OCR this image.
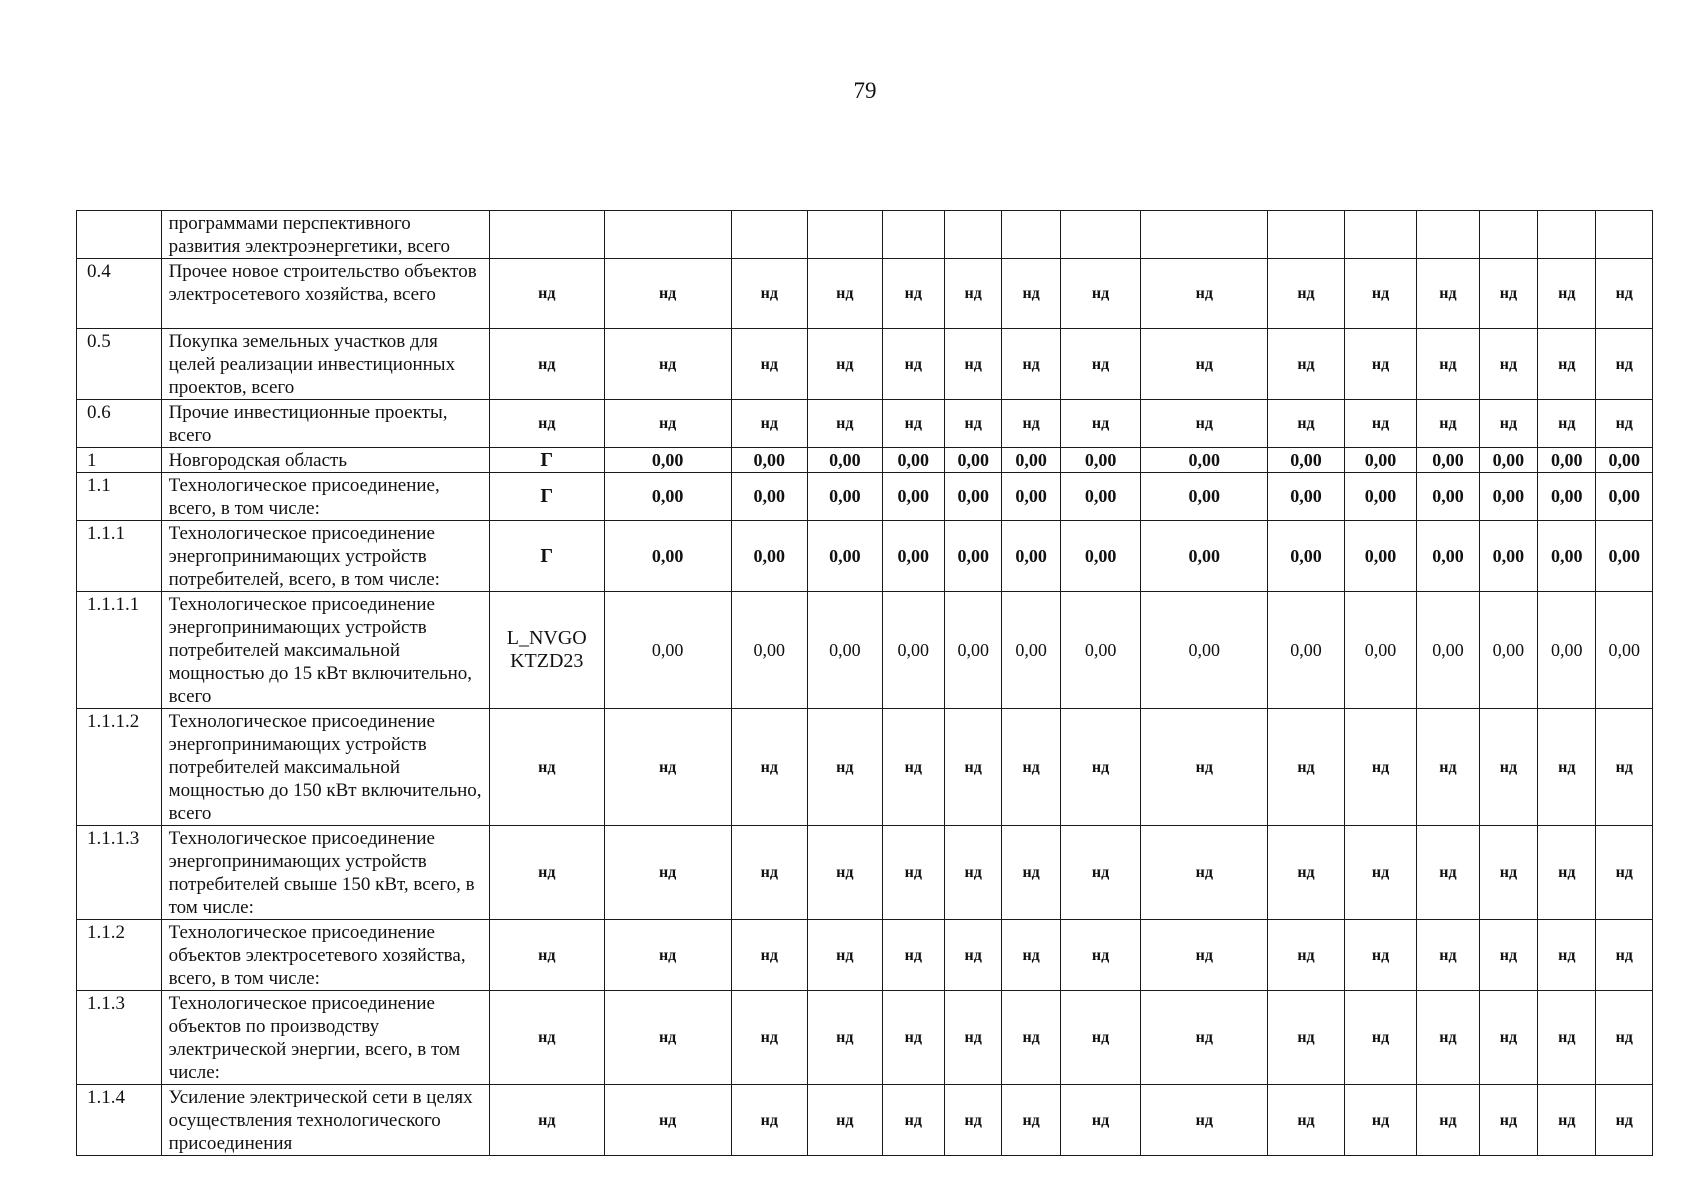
79
	программами перспективного развития электроэнергетики, всего															
0.4	Прочее новое строительство объектов электросетевого хозяйства, всего	нд	нд	нд	нд	нд	нд	нд	нд	нд	нд	нд	нд	нд	нд	нд
0.5	Покупка земельных участков для целей реализации инвестиционных проектов, всего	нд	нд	нд	нд	нд	нд	нд	нд	нд	нд	нд	нд	нд	нд	нд
0.6	Прочие инвестиционные проекты, всего	нд	нд	нд	нд	нд	нд	нд	нд	нд	нд	нд	нд	нд	нд	нд
1	Новгородская область	Г	0,00	0,00	0,00	0,00	0,00	0,00	0,00	0,00	0,00	0,00	0,00	0,00	0,00	0,00
1.1	Технологическое присоединение, всего, в том числе:	Г	0,00	0,00	0,00	0,00	0,00	0,00	0,00	0,00	0,00	0,00	0,00	0,00	0,00	0,00
1.1.1	Технологическое присоединение энергопринимающих устройств потребителей, всего, в том числе:	Г	0,00	0,00	0,00	0,00	0,00	0,00	0,00	0,00	0,00	0,00	0,00	0,00	0,00	0,00
1.1.1.1	Технологическое присоединение энергопринимающих устройств потребителей максимальной мощностью до 15 кВт включительно, всего	L_NVGO KTZD23	0,00	0,00	0,00	0,00	0,00	0,00	0,00	0,00	0,00	0,00	0,00	0,00	0,00	0,00
1.1.1.2	Технологическое присоединение энергопринимающих устройств потребителей максимальной мощностью до 150 кВт включительно, всего	нд	нд	нд	нд	нд	нд	нд	нд	нд	нд	нд	нд	нд	нд	нд
1.1.1.3	Технологическое присоединение энергопринимающих устройств потребителей свыше 150 кВт, всего, в том числе:	нд	нд	нд	нд	нд	нд	нд	нд	нд	нд	нд	нд	нд	нд	нд
1.1.2	Технологическое присоединение объектов электросетевого хозяйства, всего, в том числе:	нд	нд	нд	нд	нд	нд	нд	нд	нд	нд	нд	нд	нд	нд	нд
1.1.3	Технологическое присоединение объектов по производству электрической энергии, всего, в том числе:	нд	нд	нд	нд	нд	нд	нд	нд	нд	нд	нд	нд	нд	нд	нд
1.1.4	Усиление электрической сети в целях осуществления технологического присоединения	нд	нд	нд	нд	нд	нд	нд	нд	нд	нд	нд	нд	нд	нд	нд
